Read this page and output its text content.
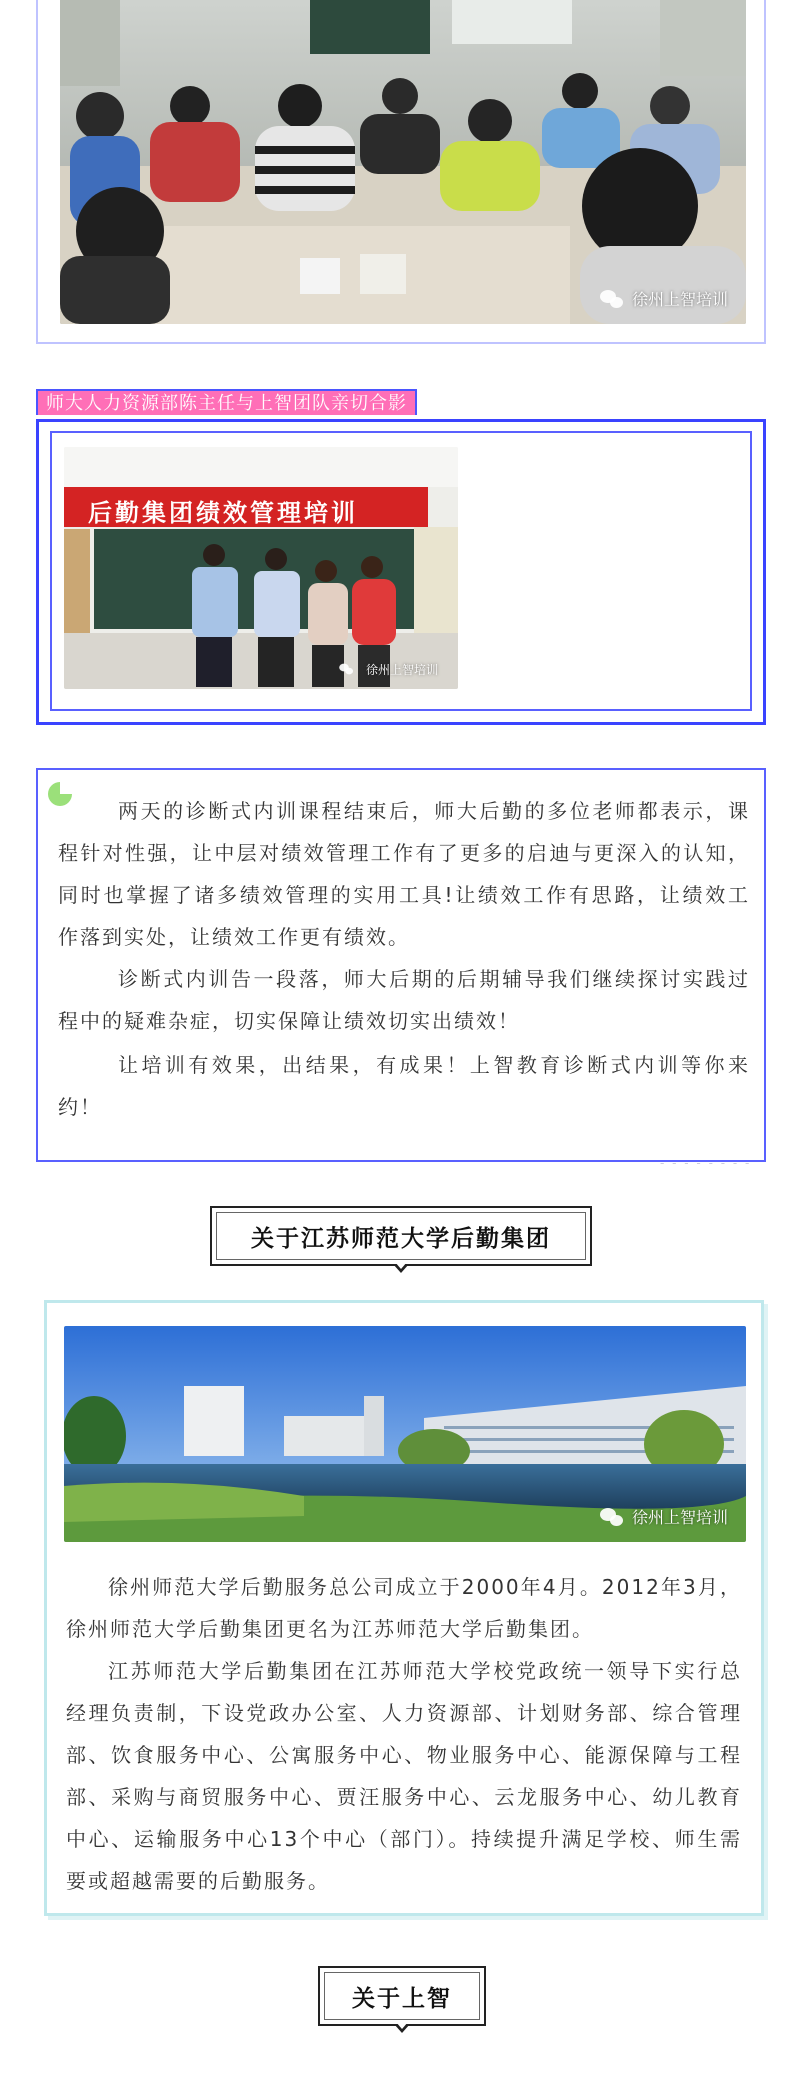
徐州上智培训
师大人力资源部陈主任与上智团队亲切合影
后勤集团绩效管理培训
徐州上智培训
两天的诊断式内训课程结束后，师大后勤的多位老师都表示，课程针对性强，让中层对绩效管理工作有了更多的启迪与更深入的认知，同时也掌握了诸多绩效管理的实用工具!让绩效工作有思路，让绩效工作落到实处，让绩效工作更有绩效。
诊断式内训告一段落，师大后期的后期辅导我们继续探讨实践过程中的疑难杂症，切实保障让绩效切实出绩效！
让培训有效果，出结果，有成果！上智教育诊断式内训等你来约！
- - - - - - - -
关于江苏师范大学后勤集团
徐州上智培训
徐州师范大学后勤服务总公司成立于2000年4月。2012年3月，徐州师范大学后勤集团更名为江苏师范大学后勤集团。
江苏师范大学后勤集团在江苏师范大学校党政统一领导下实行总经理负责制，下设党政办公室、人力资源部、计划财务部、综合管理部、饮食服务中心、公寓服务中心、物业服务中心、能源保障与工程部、采购与商贸服务中心、贾汪服务中心、云龙服务中心、幼儿教育中心、运输服务中心13个中心（部门）。持续提升满足学校、师生需要或超越需要的后勤服务。
关于上智
